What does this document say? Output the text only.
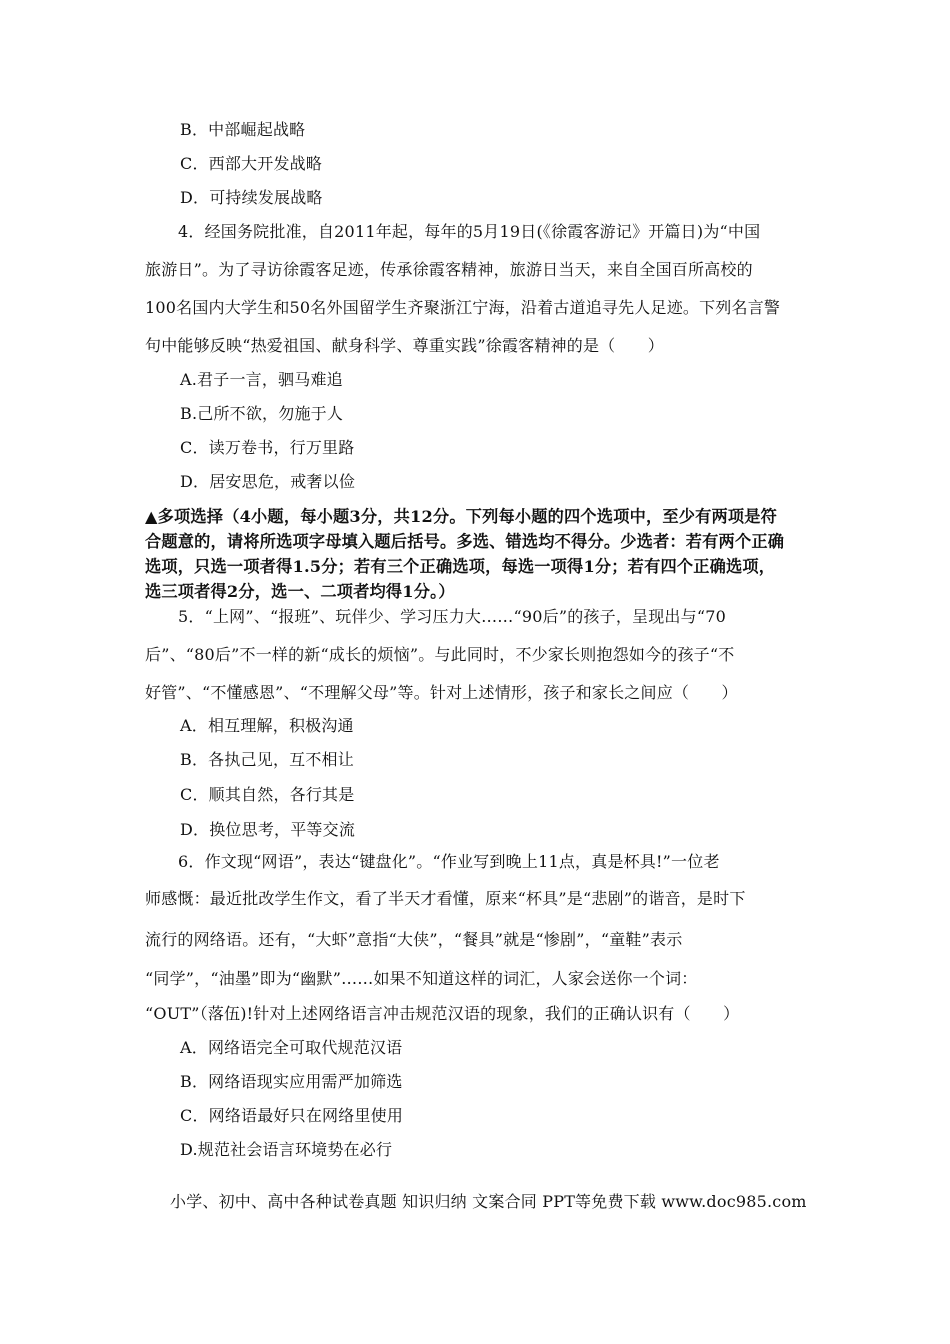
B．中部崛起战略
C．西部大开发战略
D．可持续发展战略
4．经国务院批准，自2011年起，每年的5月19日(《徐霞客游记》开篇日)为“中国
旅游日”。为了寻访徐霞客足迹，传承徐霞客精神，旅游日当天，来自全国百所高校的
100名国内大学生和50名外国留学生齐聚浙江宁海，沿着古道追寻先人足迹。下列名言警
句中能够反映“热爱祖国、献身科学、尊重实践”徐霞客精神的是（　　）
A.君子一言，驷马难追
B.己所不欲，勿施于人
C．读万卷书，行万里路
D．居安思危，戒奢以俭
▲多项选择（4小题，每小题3分，共12分。下列每小题的四个选项中，至少有两项是符
合题意的，请将所选项字母填入题后括号。多选、错选均不得分。少选者：若有两个正确
选项，只选一项者得1.5分；若有三个正确选项，每选一项得1分；若有四个正确选项，
选三项者得2分，选一、二项者均得1分。）
5．“上网”、“报班”、玩伴少、学习压力大……“90后”的孩子，呈现出与“70
后”、“80后”不一样的新“成长的烦恼”。与此同时，不少家长则抱怨如今的孩子“不
好管”、“不懂感恩”、“不理解父母”等。针对上述情形，孩子和家长之间应（　　）
A．相互理解，积极沟通
B．各执己见，互不相让
C．顺其自然，各行其是
D．换位思考，平等交流
6．作文现“网语”，表达“键盘化”。“作业写到晚上11点，真是杯具!”一位老
师感慨：最近批改学生作文，看了半天才看懂，原来“杯具”是“悲剧”的谐音，是时下
流行的网络语。还有，“大虾”意指“大侠”，“餐具”就是“惨剧”，“童鞋”表示
“同学”，“油墨”即为“幽默”……如果不知道这样的词汇，人家会送你一个词：
“OUT”（落伍)!针对上述网络语言冲击规范汉语的现象，我们的正确认识有（　　）
A．网络语完全可取代规范汉语
B．网络语现实应用需严加筛选
C．网络语最好只在网络里使用
D.规范社会语言环境势在必行
小学、初中、高中各种试卷真题 知识归纳 文案合同 PPT等免费下载 www.doc985.com
